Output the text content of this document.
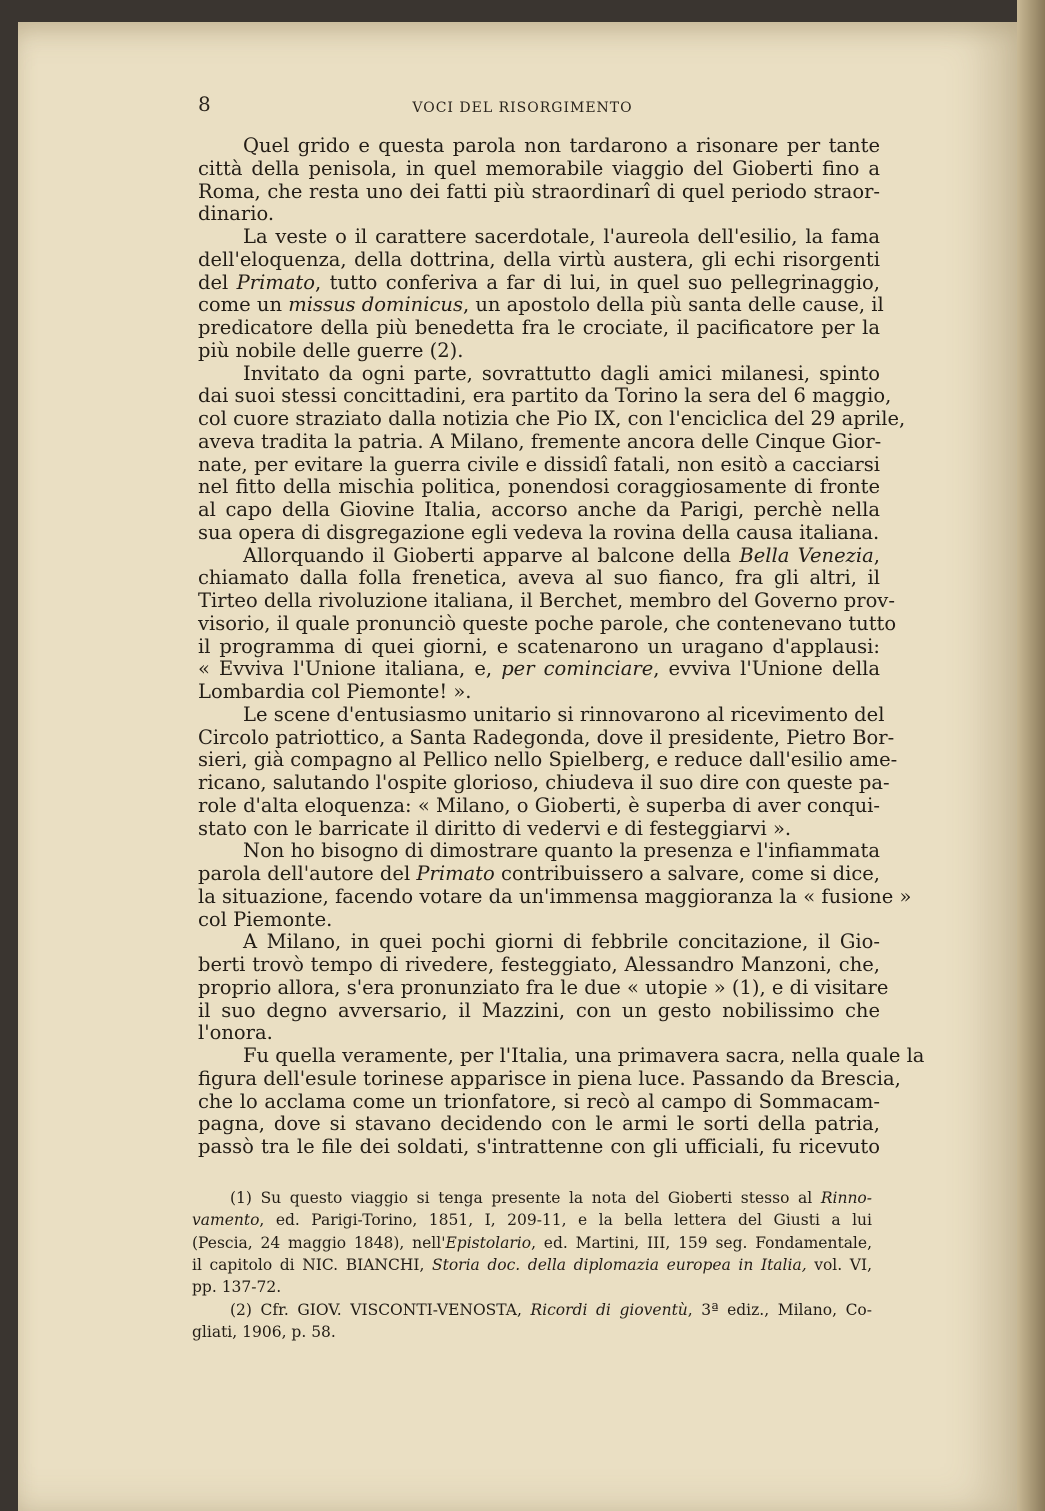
8	VOCI DEL RISORGIMENTO
Quel grido e questa parola non tardarono a risonare per tante
città della penisola, in quel memorabile viaggio del Gioberti fino a
Roma, che resta uno dei fatti più straordinarî di quel periodo straor-
dinario.
La veste o il carattere sacerdotale, l'aureola dell'esilio, la fama
dell'eloquenza, della dottrina, della virtù austera, gli echi risorgenti
del Primato, tutto conferiva a far di lui, in quel suo pellegrinaggio,
come un missus dominicus, un apostolo della più santa delle cause, il
predicatore della più benedetta fra le crociate, il pacificatore per la
più nobile delle guerre (2).
Invitato da ogni parte, sovrattutto dagli amici milanesi, spinto
dai suoi stessi concittadini, era partito da Torino la sera del 6 maggio,
col cuore straziato dalla notizia che Pio IX, con l'enciclica del 29 aprile,
aveva tradita la patria. A Milano, fremente ancora delle Cinque Gior-
nate, per evitare la guerra civile e dissidî fatali, non esitò a cacciarsi
nel fitto della mischia politica, ponendosi coraggiosamente di fronte
al capo della Giovine Italia, accorso anche da Parigi, perchè nella
sua opera di disgregazione egli vedeva la rovina della causa italiana.
Allorquando il Gioberti apparve al balcone della Bella Venezia,
chiamato dalla folla frenetica, aveva al suo fianco, fra gli altri, il
Tirteo della rivoluzione italiana, il Berchet, membro del Governo prov-
visorio, il quale pronunciò queste poche parole, che contenevano tutto
il programma di quei giorni, e scatenarono un uragano d'applausi:
« Evviva l'Unione italiana, e, per cominciare, evviva l'Unione della
Lombardia col Piemonte! ».
Le scene d'entusiasmo unitario si rinnovarono al ricevimento del
Circolo patriottico, a Santa Radegonda, dove il presidente, Pietro Bor-
sieri, già compagno al Pellico nello Spielberg, e reduce dall'esilio ame-
ricano, salutando l'ospite glorioso, chiudeva il suo dire con queste pa-
role d'alta eloquenza: « Milano, o Gioberti, è superba di aver conqui-
stato con le barricate il diritto di vedervi e di festeggiarvi ».
Non ho bisogno di dimostrare quanto la presenza e l'infiammata
parola dell'autore del Primato contribuissero a salvare, come si dice,
la situazione, facendo votare da un'immensa maggioranza la « fusione »
col Piemonte.
A Milano, in quei pochi giorni di febbrile concitazione, il Gio-
berti trovò tempo di rivedere, festeggiato, Alessandro Manzoni, che,
proprio allora, s'era pronunziato fra le due « utopie » (1), e di visitare
il suo degno avversario, il Mazzini, con un gesto nobilissimo che
l'onora.
Fu quella veramente, per l'Italia, una primavera sacra, nella quale la
figura dell'esule torinese apparisce in piena luce. Passando da Brescia,
che lo acclama come un trionfatore, si recò al campo di Sommacam-
pagna, dove si stavano decidendo con le armi le sorti della patria,
passò tra le file dei soldati, s'intrattenne con gli ufficiali, fu ricevuto
(1) Su questo viaggio si tenga presente la nota del Gioberti stesso al Rinno-
vamento, ed. Parigi-Torino, 1851, I, 209-11, e la bella lettera del Giusti a lui
(Pescia, 24 maggio 1848), nell'Epistolario, ed. Martini, III, 159 seg. Fondamentale,
il capitolo di NIC. BIANCHI, Storia doc. della diplomazia europea in Italia, vol. VI,
pp. 137-72.
(2) Cfr. GIOV. VISCONTI-VENOSTA, Ricordi di gioventù, 3ª ediz., Milano, Co-
gliati, 1906, p. 58.
